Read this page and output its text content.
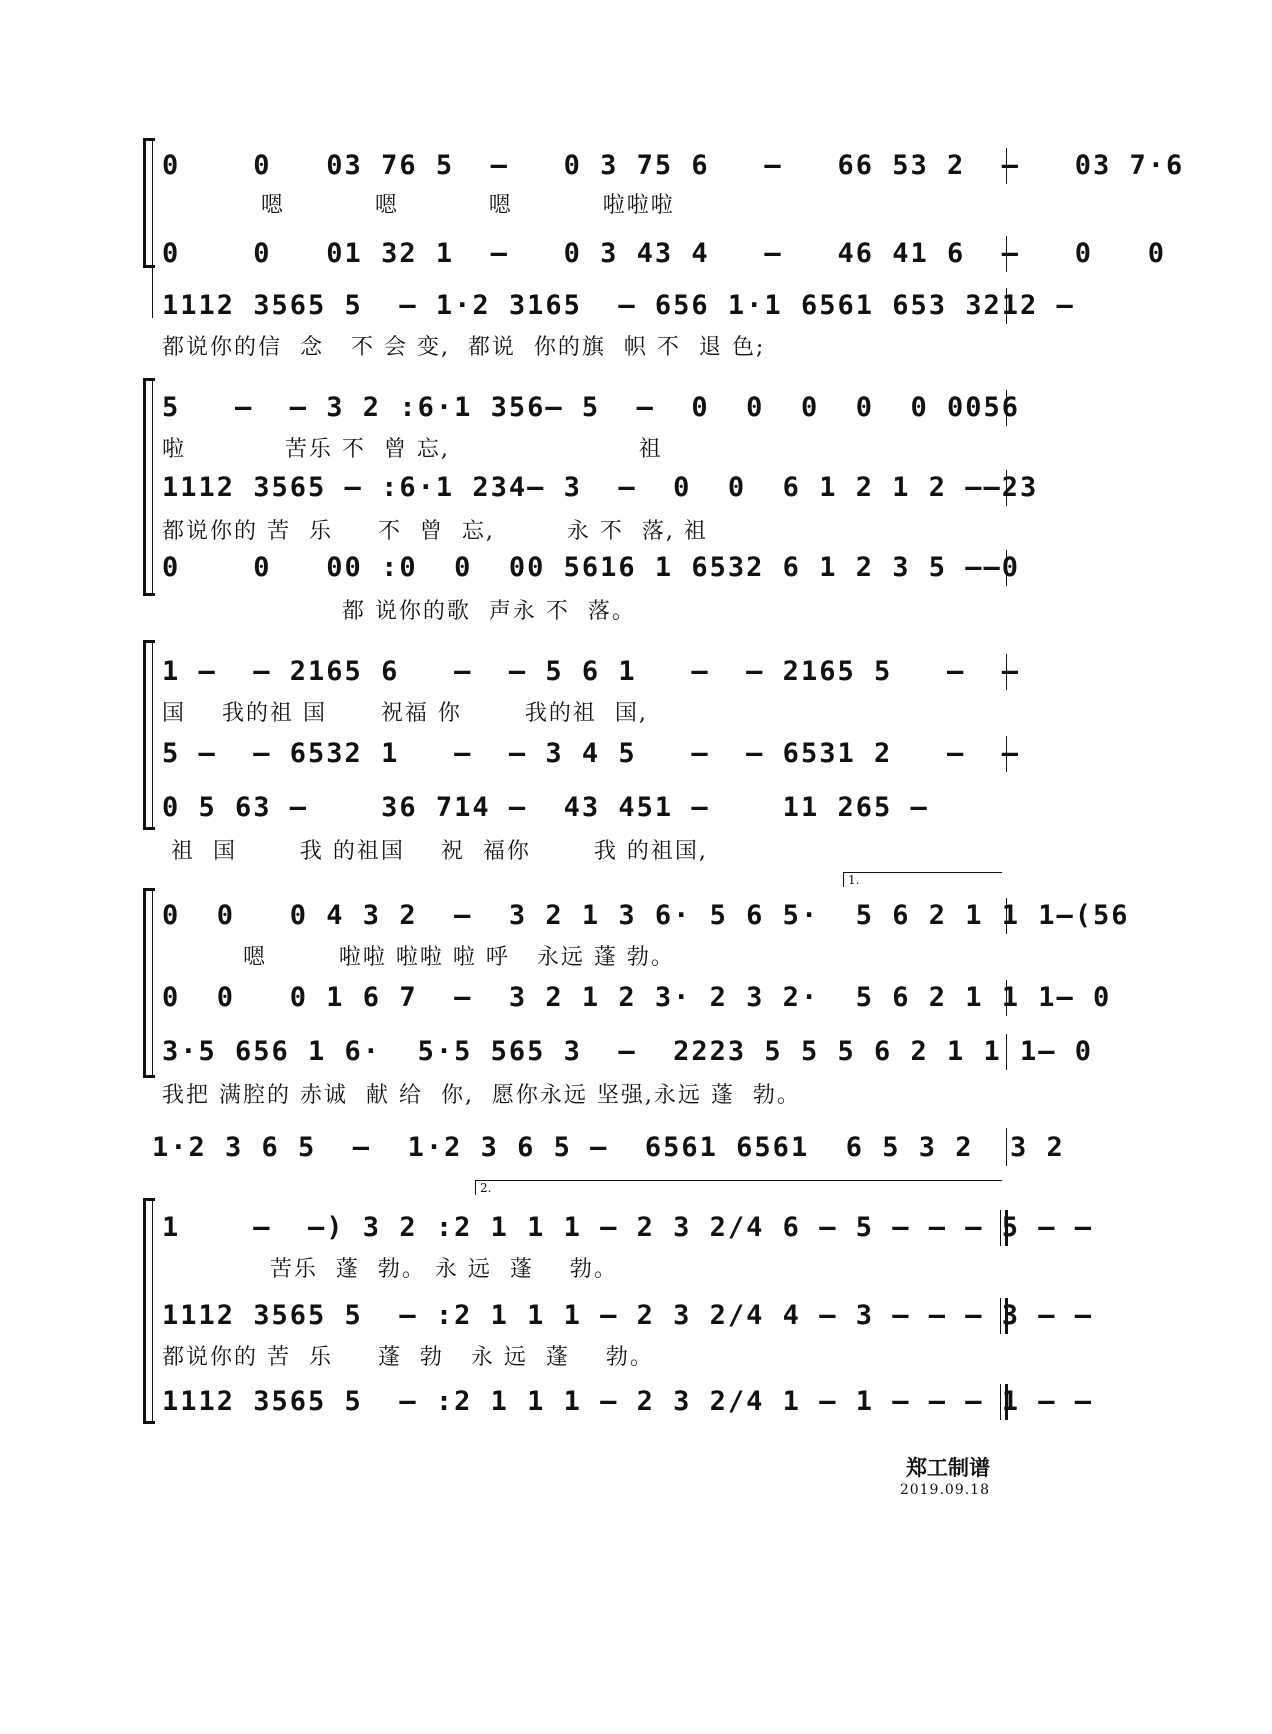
0    0   03 76 5  –   0 3 75 6   –   66 53 2  –   03 7·6
嗯          嗯          嗯          啦啦啦
0    0   01 32 1  –   0 3 43 4   –   46 41 6  –   0   0
1112 3565 5  – 1·2 3165  – 656 1·1 6561 653 3212 –
都说你的信  念   不 会 变,  都说  你的旗  帜 不  退 色;
5   –  – 3 2 :6·1 356– 5  –  0  0  0  0  0 0056
啦           苦乐 不  曾 忘,                     祖
1112 3565 – :6·1 234– 3  –  0  0  6 1 2 1 2 ––23
都说你的 苦  乐     不  曾  忘,        永 不  落, 祖
0    0   00 :0  0  00 5616 1 6532 6 1 2 3 5 ––0
都 说你的歌  声永 不  落。
1 –  – 2165 6   –  – 5 6 1   –  – 2165 5   –  –
国    我的祖 国      祝福 你       我的祖  国,
5 –  – 6532 1   –  – 3 4 5   –  – 6531 2   –  –
0 5 63 –    36 714 –  43 451 –    11 265 –
祖  国       我 的祖国    祝  福你       我 的祖国,
1.
0  0   0 4 3 2  –  3 2 1 3 6· 5 6 5·  5 6 2 1 1 1–(56
嗯        啦啦 啦啦 啦 呼   永远 蓬 勃。
0  0   0 1 6 7  –  3 2 1 2 3· 2 3 2·  5 6 2 1 1 1– 0
3·5 656 1 6·  5·5 565 3  –  2223 5 5 5 6 2 1 1 1– 0
我把 满腔的 赤诚  献 给  你,  愿你永远 坚强,永远 蓬  勃。
1·2 3 6 5  –  1·2 3 6 5 –  6561 6561  6 5 3 2  3 2
2.
1    –  –) 3 2 :2 1 1 1 – 2 3 2/4 6 – 5 – – – 5 – –
苦乐  蓬  勃。 永 远  蓬    勃。
1112 3565 5  – :2 1 1 1 – 2 3 2/4 4 – 3 – – – 3 – –
都说你的 苦  乐     蓬  勃   永 远  蓬    勃。
1112 3565 5  – :2 1 1 1 – 2 3 2/4 1 – 1 – – – 1 – –
郑工制谱
2019.09.18
